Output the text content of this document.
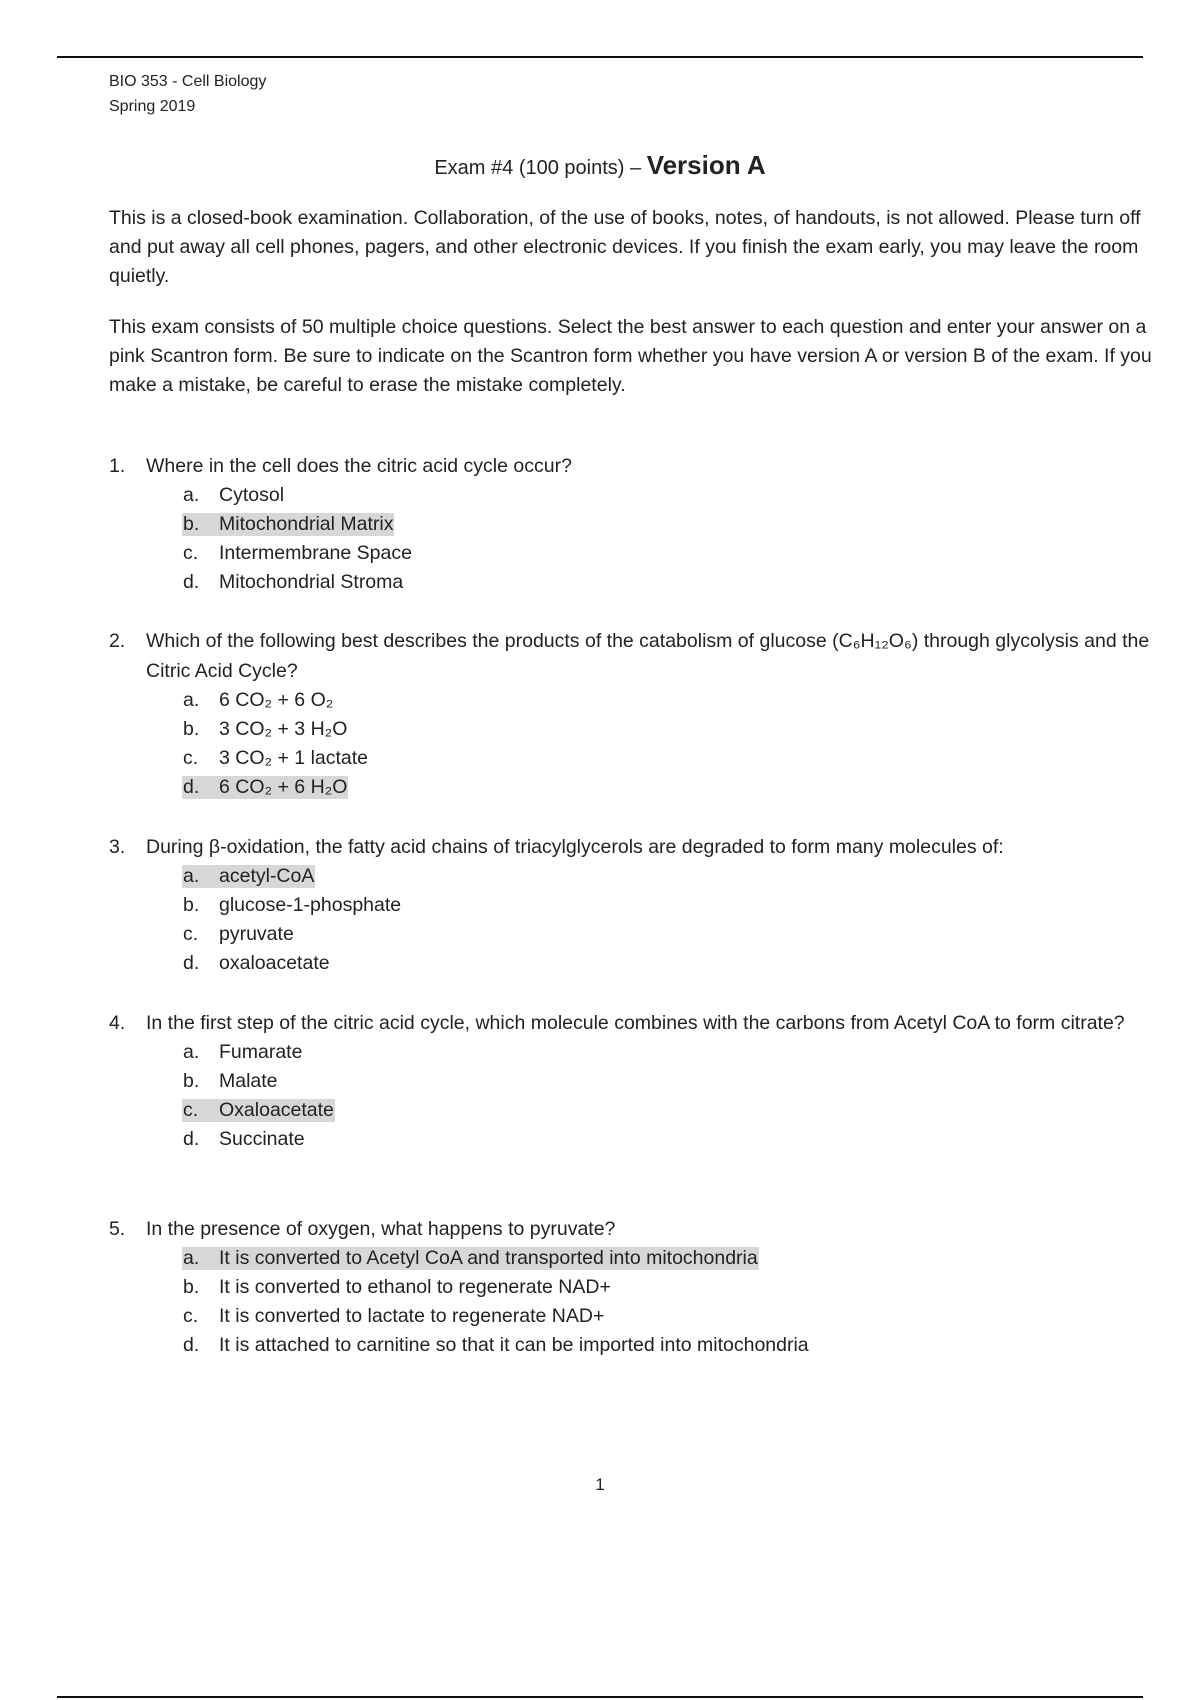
BIO 353 - Cell Biology
Spring 2019
Exam #4 (100 points) – Version A
This is a closed-book examination. Collaboration, of the use of books, notes, of handouts, is not allowed. Please turn off and put away all cell phones, pagers, and other electronic devices. If you finish the exam early, you may leave the room quietly.
This exam consists of 50 multiple choice questions. Select the best answer to each question and enter your answer on a pink Scantron form. Be sure to indicate on the Scantron form whether you have version A or version B of the exam. If you make a mistake, be careful to erase the mistake completely.
1.	Where in the cell does the citric acid cycle occur?
a. Cytosol
b. Mitochondrial Matrix
c. Intermembrane Space
d. Mitochondrial Stroma
2.	Which of the following best describes the products of the catabolism of glucose (C₆H₁₂O₆) through glycolysis and the Citric Acid Cycle?
a. 6 CO₂ + 6 O₂
b. 3 CO₂ + 3 H₂O
c. 3 CO₂ + 1 lactate
d. 6 CO₂ + 6 H₂O
3.	During β-oxidation, the fatty acid chains of triacylglycerols are degraded to form many molecules of:
a. acetyl-CoA
b. glucose-1-phosphate
c. pyruvate
d. oxaloacetate
4.	In the first step of the citric acid cycle, which molecule combines with the carbons from Acetyl CoA to form citrate?
a. Fumarate
b. Malate
c. Oxaloacetate
d. Succinate
5.	In the presence of oxygen, what happens to pyruvate?
a. It is converted to Acetyl CoA and transported into mitochondria
b. It is converted to ethanol to regenerate NAD+
c. It is converted to lactate to regenerate NAD+
d. It is attached to carnitine so that it can be imported into mitochondria
1
